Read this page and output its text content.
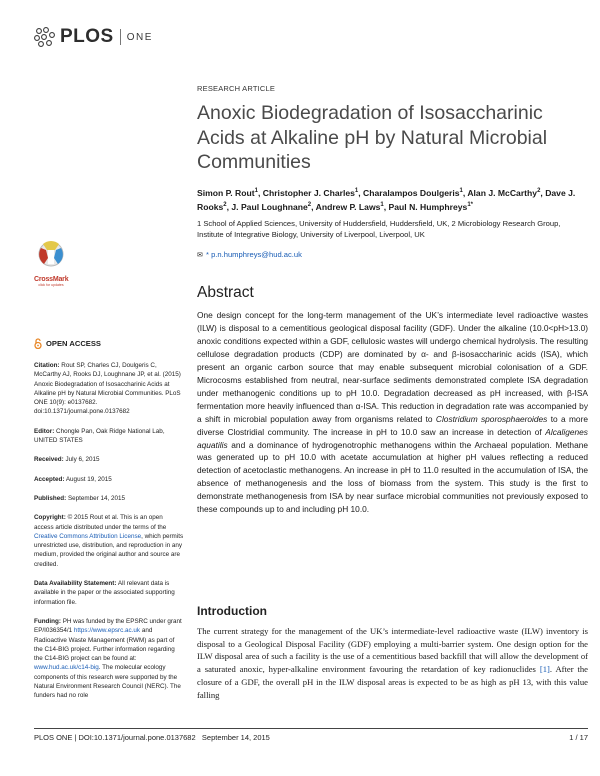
PLOS ONE
RESEARCH ARTICLE
Anoxic Biodegradation of Isosaccharinic Acids at Alkaline pH by Natural Microbial Communities
Simon P. Rout$^1$, Christopher J. Charles$^1$, Charalampos Doulgeris$^1$, Alan J. McCarthy$^2$, Dave J. Rooks$^2$, J. Paul Loughnane$^2$, Andrew P. Laws$^1$, Paul N. Humphreys$^{1*}$
1 School of Applied Sciences, University of Huddersfield, Huddersfield, UK, 2 Microbiology Research Group, Institute of Integrative Biology, University of Liverpool, Liverpool, UK
✉ * p.n.humphreys@hud.ac.uk
CrossMark
click for updates
OPEN ACCESS
Citation: Rout SP, Charles CJ, Doulgeris C, McCarthy AJ, Rooks DJ, Loughnane JP, et al. (2015) Anoxic Biodegradation of Isosaccharinic Acids at Alkaline pH by Natural Microbial Communities. PLoS ONE 10(9): e0137682. doi:10.1371/journal.pone.0137682
Editor: Chongle Pan, Oak Ridge National Lab, UNITED STATES
Received: July 6, 2015
Accepted: August 19, 2015
Published: September 14, 2015
Copyright: © 2015 Rout et al. This is an open access article distributed under the terms of the Creative Commons Attribution License, which permits unrestricted use, distribution, and reproduction in any medium, provided the original author and source are credited.
Data Availability Statement: All relevant data is available in the paper or the associated supporting information file.
Funding: PH was funded by the EPSRC under grant EP/I036354/1 https://www.epsrc.ac.uk and Radioactive Waste Management (RWM) as part of the C14-BIG project. Further information regarding the C14-BIG project can be found at: www.hud.ac.uk/c14-big. The molecular ecology components of this research were supported by the Natural Environment Research Council (NERC). The funders had no role
Abstract
One design concept for the long-term management of the UK’s intermediate level radioactive wastes (ILW) is disposal to a cementitious geological disposal facility (GDF). Under the alkaline (10.0<pH>13.0) anoxic conditions expected within a GDF, cellulosic wastes will undergo chemical hydrolysis. The resulting cellulose degradation products (CDP) are dominated by α- and β-isosaccharinic acids (ISA), which present an organic carbon source that may enable subsequent microbial colonisation of a GDF. Microcosms established from neutral, near-surface sediments demonstrated complete ISA degradation under methanogenic conditions up to pH 10.0. Degradation decreased as pH increased, with β-ISA fermentation more heavily influenced than α-ISA. This reduction in degradation rate was accompanied by a shift in microbial population away from organisms related to Clostridium sporosphaeroides to a more diverse Clostridial community. The increase in pH to 10.0 saw an increase in detection of Alcaligenes aquatilis and a dominance of hydrogenotrophic methanogens within the Archaeal population. Methane was generated up to pH 10.0 with acetate accumulation at higher pH values reflecting a reduced detection of acetoclastic methanogens. An increase in pH to 11.0 resulted in the accumulation of ISA, the absence of methanogenesis and the loss of biomass from the system. This study is the first to demonstrate methanogenesis from ISA by near surface microbial communities not previously exposed to these compounds up to and including pH 10.0.
Introduction
The current strategy for the management of the UK’s intermediate-level radioactive waste (ILW) inventory is disposal to a Geological Disposal Facility (GDF) employing a multi-barrier system. One design option for the ILW disposal area of such a facility is the use of a cementitious based backfill that will allow the development of a saturated anoxic, hyper-alkaline environment favouring the retardation of key radionuclides [1]. After the closure of a GDF, the overall pH in the ILW disposal areas is expected to be as high as pH 13, with this value falling
PLOS ONE | DOI:10.1371/journal.pone.0137682   September 14, 2015	1 / 17
